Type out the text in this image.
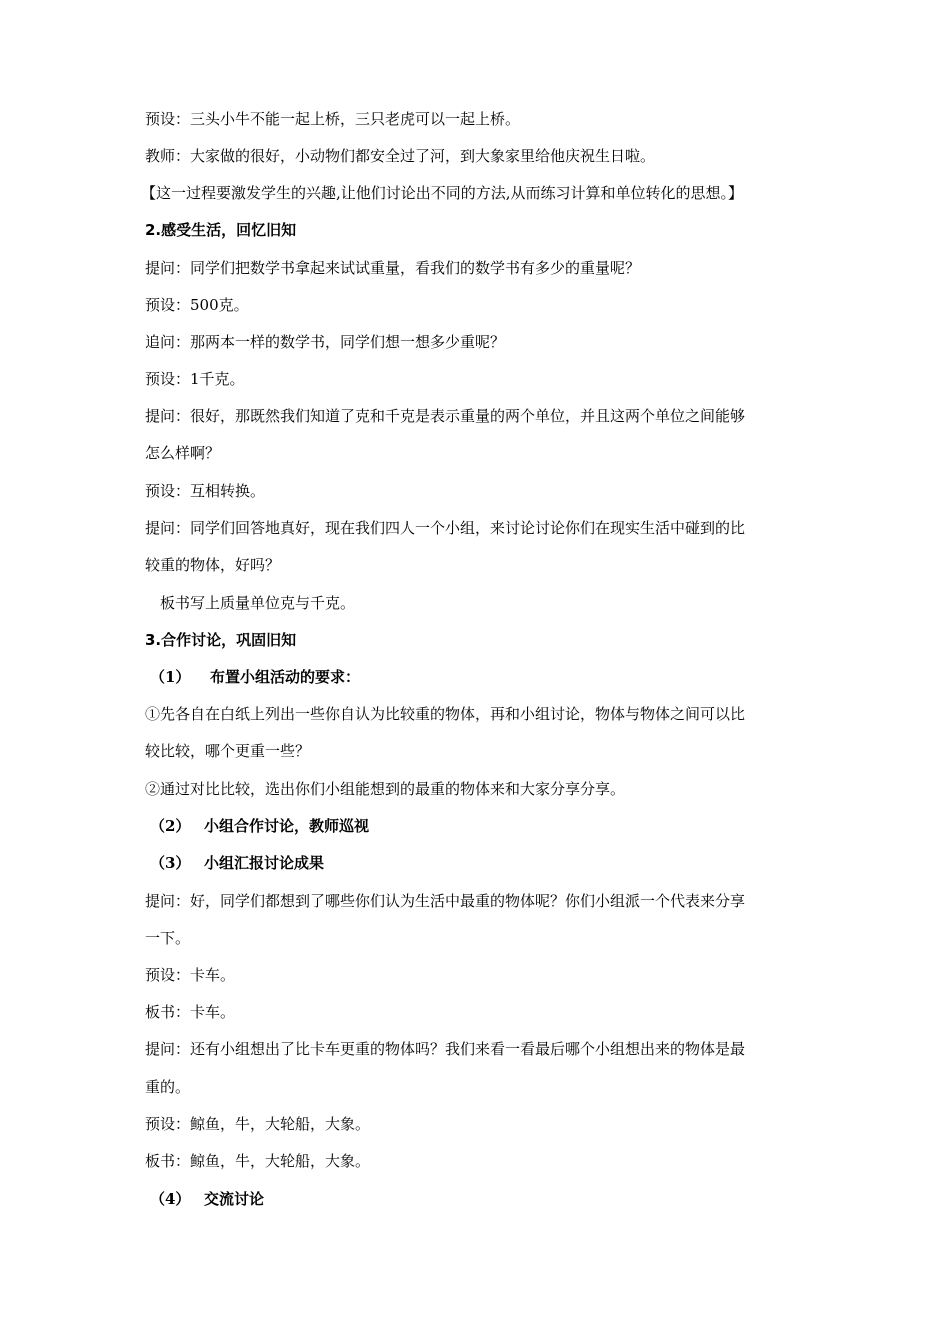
预设：三头小牛不能一起上桥，三只老虎可以一起上桥。
教师：大家做的很好，小动物们都安全过了河，到大象家里给他庆祝生日啦。
【这一过程要激发学生的兴趣,让他们讨论出不同的方法,从而练习计算和单位转化的思想。】
2.感受生活，回忆旧知
提问：同学们把数学书拿起来试试重量，看我们的数学书有多少的重量呢？
预设：500克。
追问：那两本一样的数学书，同学们想一想多少重呢？
预设：1千克。
提问：很好，那既然我们知道了克和千克是表示重量的两个单位，并且这两个单位之间能够
怎么样啊？
预设：互相转换。
提问：同学们回答地真好，现在我们四人一个小组，来讨论讨论你们在现实生活中碰到的比
较重的物体，好吗？
板书写上质量单位克与千克。
3.合作讨论，巩固旧知
（1） 布置小组活动的要求：
①先各自在白纸上列出一些你自认为比较重的物体，再和小组讨论，物体与物体之间可以比
较比较，哪个更重一些？
②通过对比比较，选出你们小组能想到的最重的物体来和大家分享分享。
（2） 小组合作讨论，教师巡视
（3） 小组汇报讨论成果
提问：好，同学们都想到了哪些你们认为生活中最重的物体呢？你们小组派一个代表来分享
一下。
预设：卡车。
板书：卡车。
提问：还有小组想出了比卡车更重的物体吗？我们来看一看最后哪个小组想出来的物体是最
重的。
预设：鲸鱼，牛，大轮船，大象。
板书：鲸鱼，牛，大轮船，大象。
（4） 交流讨论
